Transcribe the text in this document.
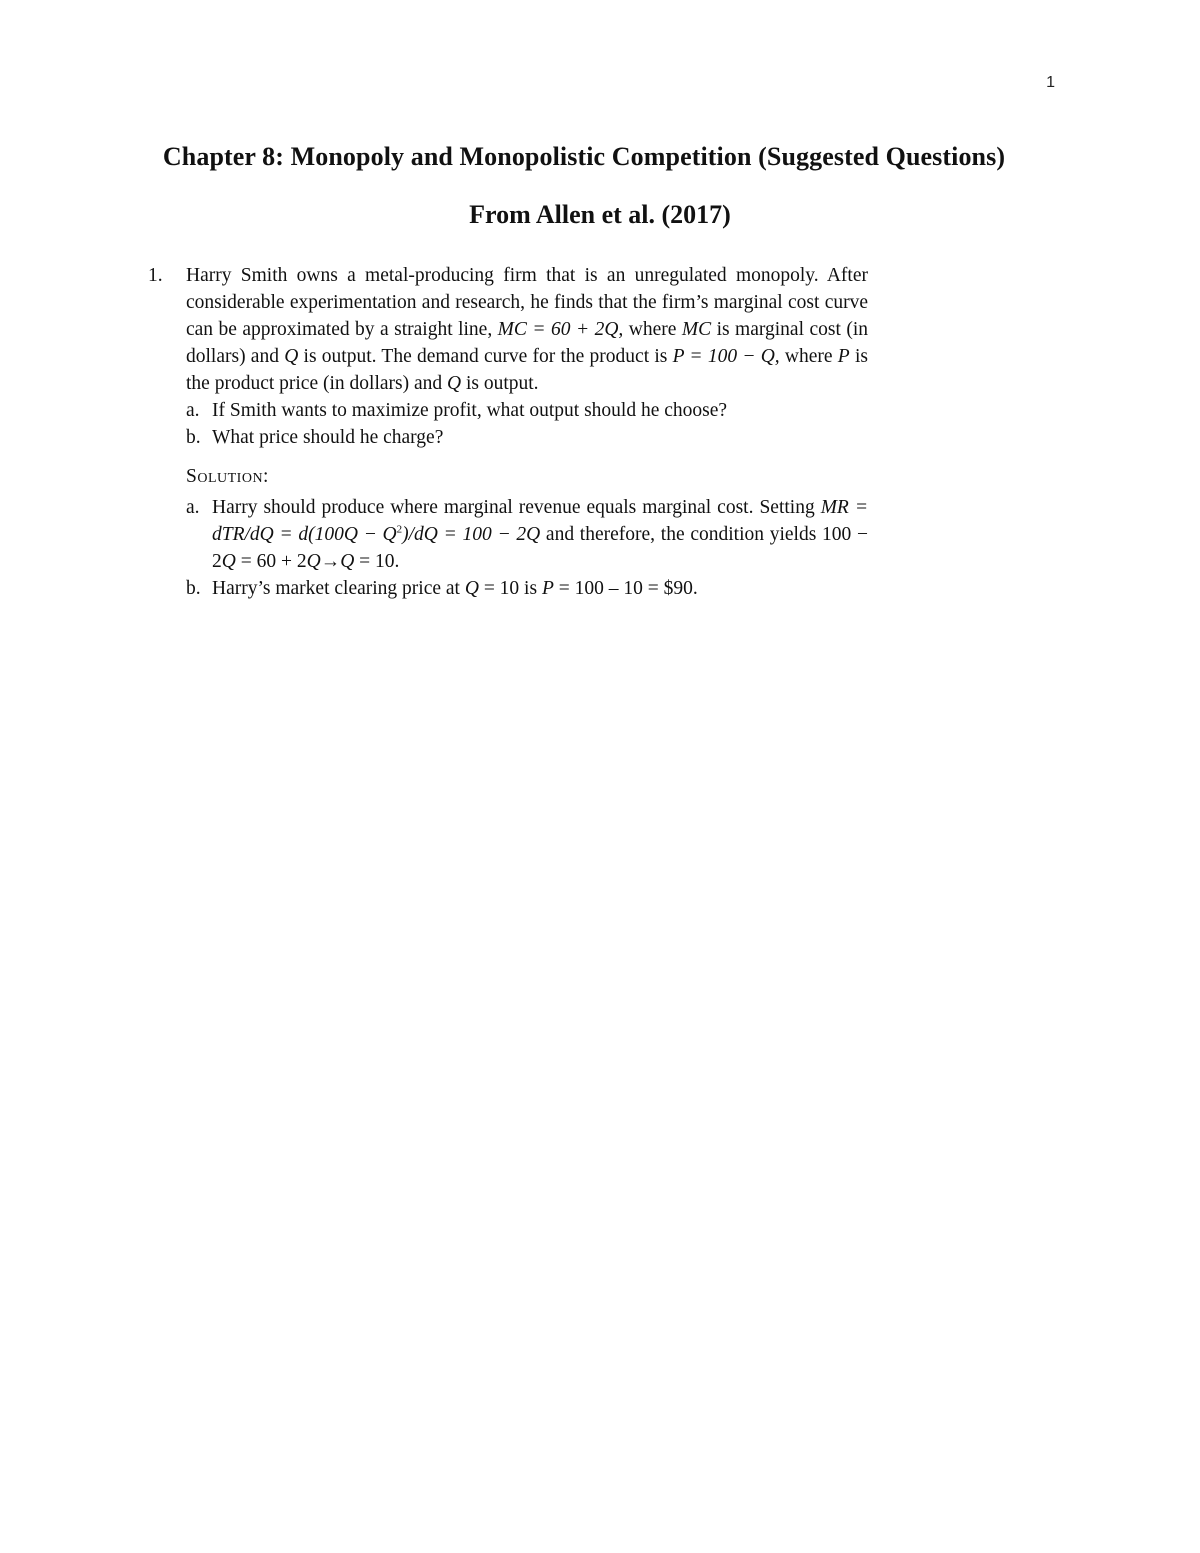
1
Chapter 8: Monopoly and Monopolistic Competition (Suggested Questions)
From Allen et al. (2017)
1.	Harry Smith owns a metal-producing firm that is an unregulated monopoly. After considerable experimentation and research, he finds that the firm’s marginal cost curve can be approximated by a straight line, MC = 60 + 2Q, where MC is marginal cost (in dollars) and Q is output. The demand curve for the product is P = 100 − Q, where P is the product price (in dollars) and Q is output.
a. If Smith wants to maximize profit, what output should he choose?
b. What price should he charge?
Solution:
a. Harry should produce where marginal revenue equals marginal cost. Setting MR = $dTR/dQ = d(100Q - Q^2)/dQ = 100 - 2Q$ and therefore, the condition yields 100 − 2Q = 60 + 2Q→Q = 10.
b. Harry’s market clearing price at Q = 10 is P = 100 – 10 = $90.
